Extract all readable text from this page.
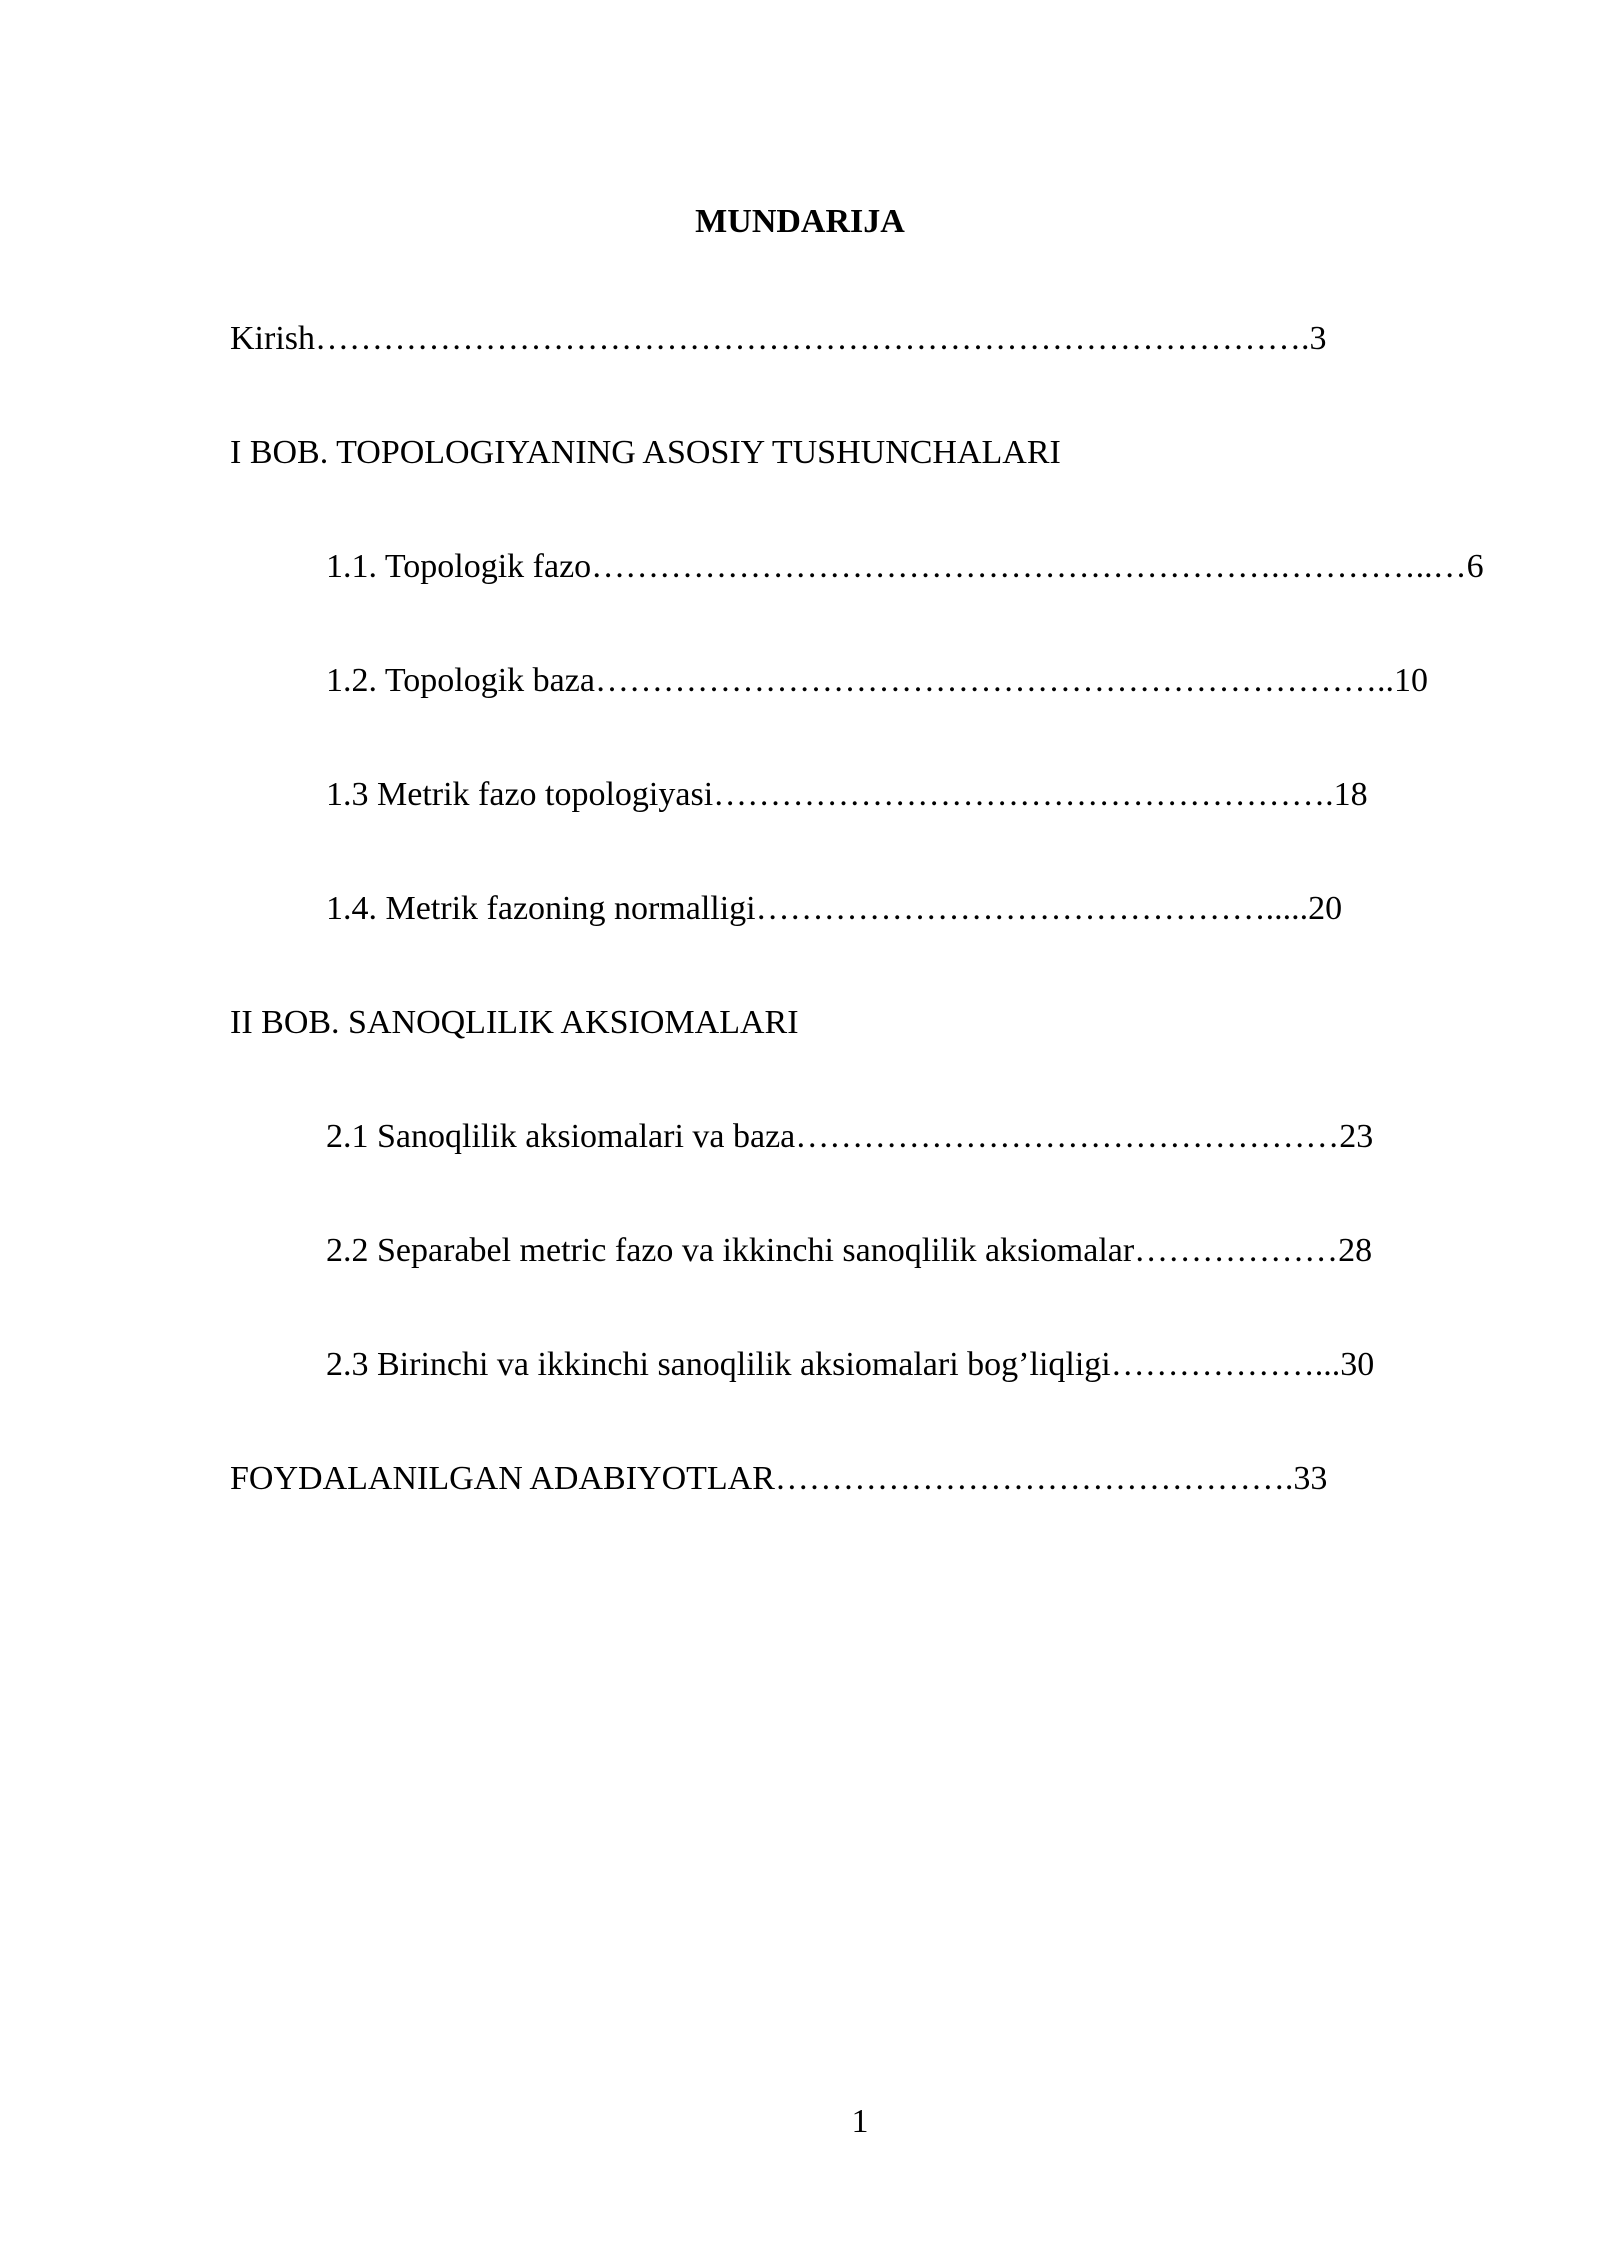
MUNDARIJA
Kirish…………………………………………………………………………….3
I BOB. TOPOLOGIYANING ASOSIY TUSHUNCHALARI
1.1. Topologik fazo…………………………………………………….…………..…6
1.2. Topologik baza……………………………………………………………..10
1.3 Metrik fazo topologiyasi……………………………………………….18
1.4. Metrik fazoning normalligi……………………………………….....20
II BOB. SANOQLILIK AKSIOMALARI
2.1 Sanoqlilik aksiomalari va baza…………………………………………23
2.2 Separabel metric fazo va ikkinchi sanoqlilik aksiomalar………………28
2.3 Birinchi va ikkinchi sanoqlilik aksiomalari bog’liqligi………………...30
FOYDALANILGAN ADABIYOTLAR……………………………………….33
1
